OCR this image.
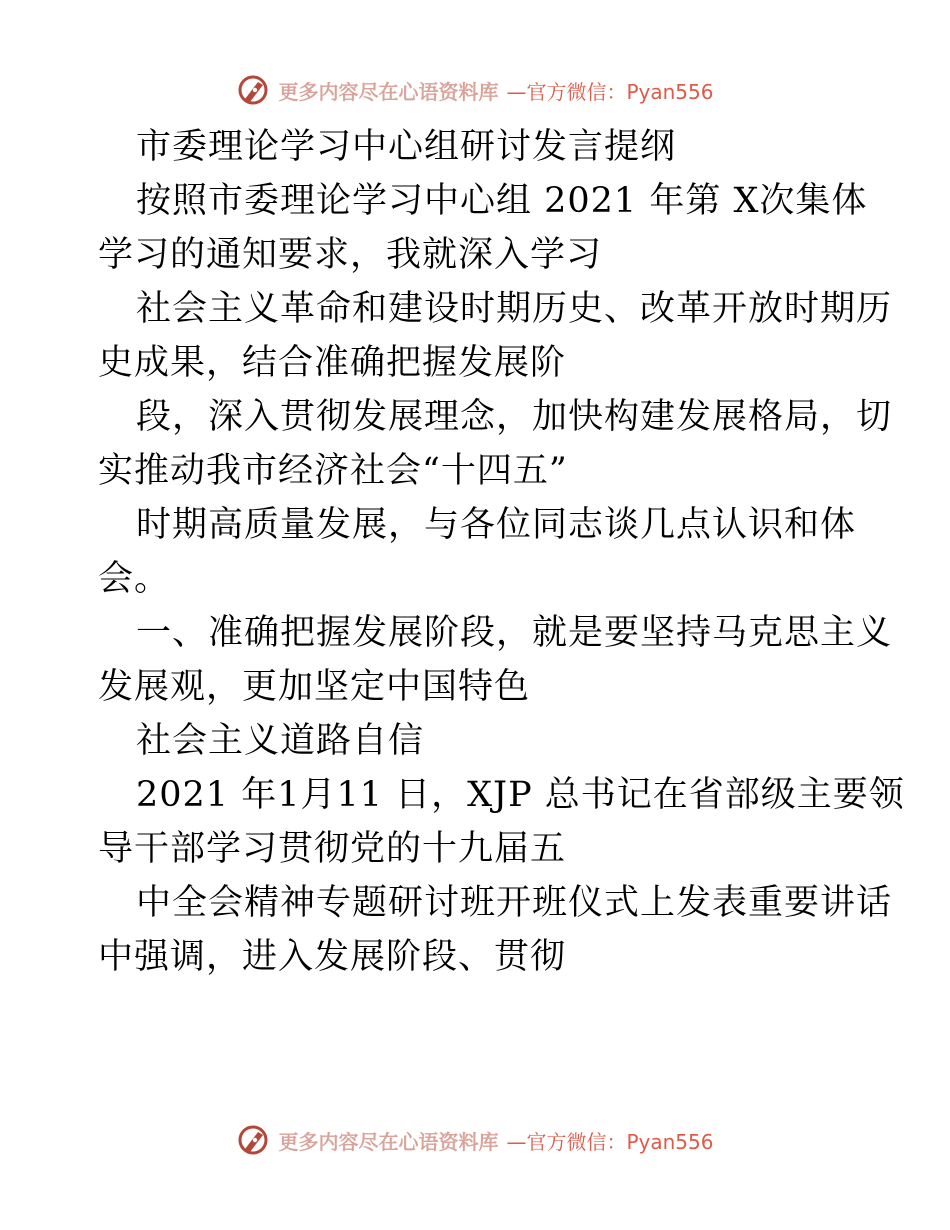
更多内容尽在心语资料库 —官方微信：Pyan556
市委理论学习中心组研讨发言提纲
按照市委理论学习中心组 2021 年第 X次集体
学习的通知要求，我就深入学习
社会主义革命和建设时期历史、改革开放时期历
史成果，结合准确把握发展阶
段，深入贯彻发展理念，加快构建发展格局，切
实推动我市经济社会“十四五”
时期高质量发展，与各位同志谈几点认识和体
会。
一、准确把握发展阶段，就是要坚持马克思主义
发展观，更加坚定中国特色
社会主义道路自信
2021 年1月11 日，XJP 总书记在省部级主要领
导干部学习贯彻党的十九届五
中全会精神专题研讨班开班仪式上发表重要讲话
中强调，进入发展阶段、贯彻
更多内容尽在心语资料库 —官方微信：Pyan556
